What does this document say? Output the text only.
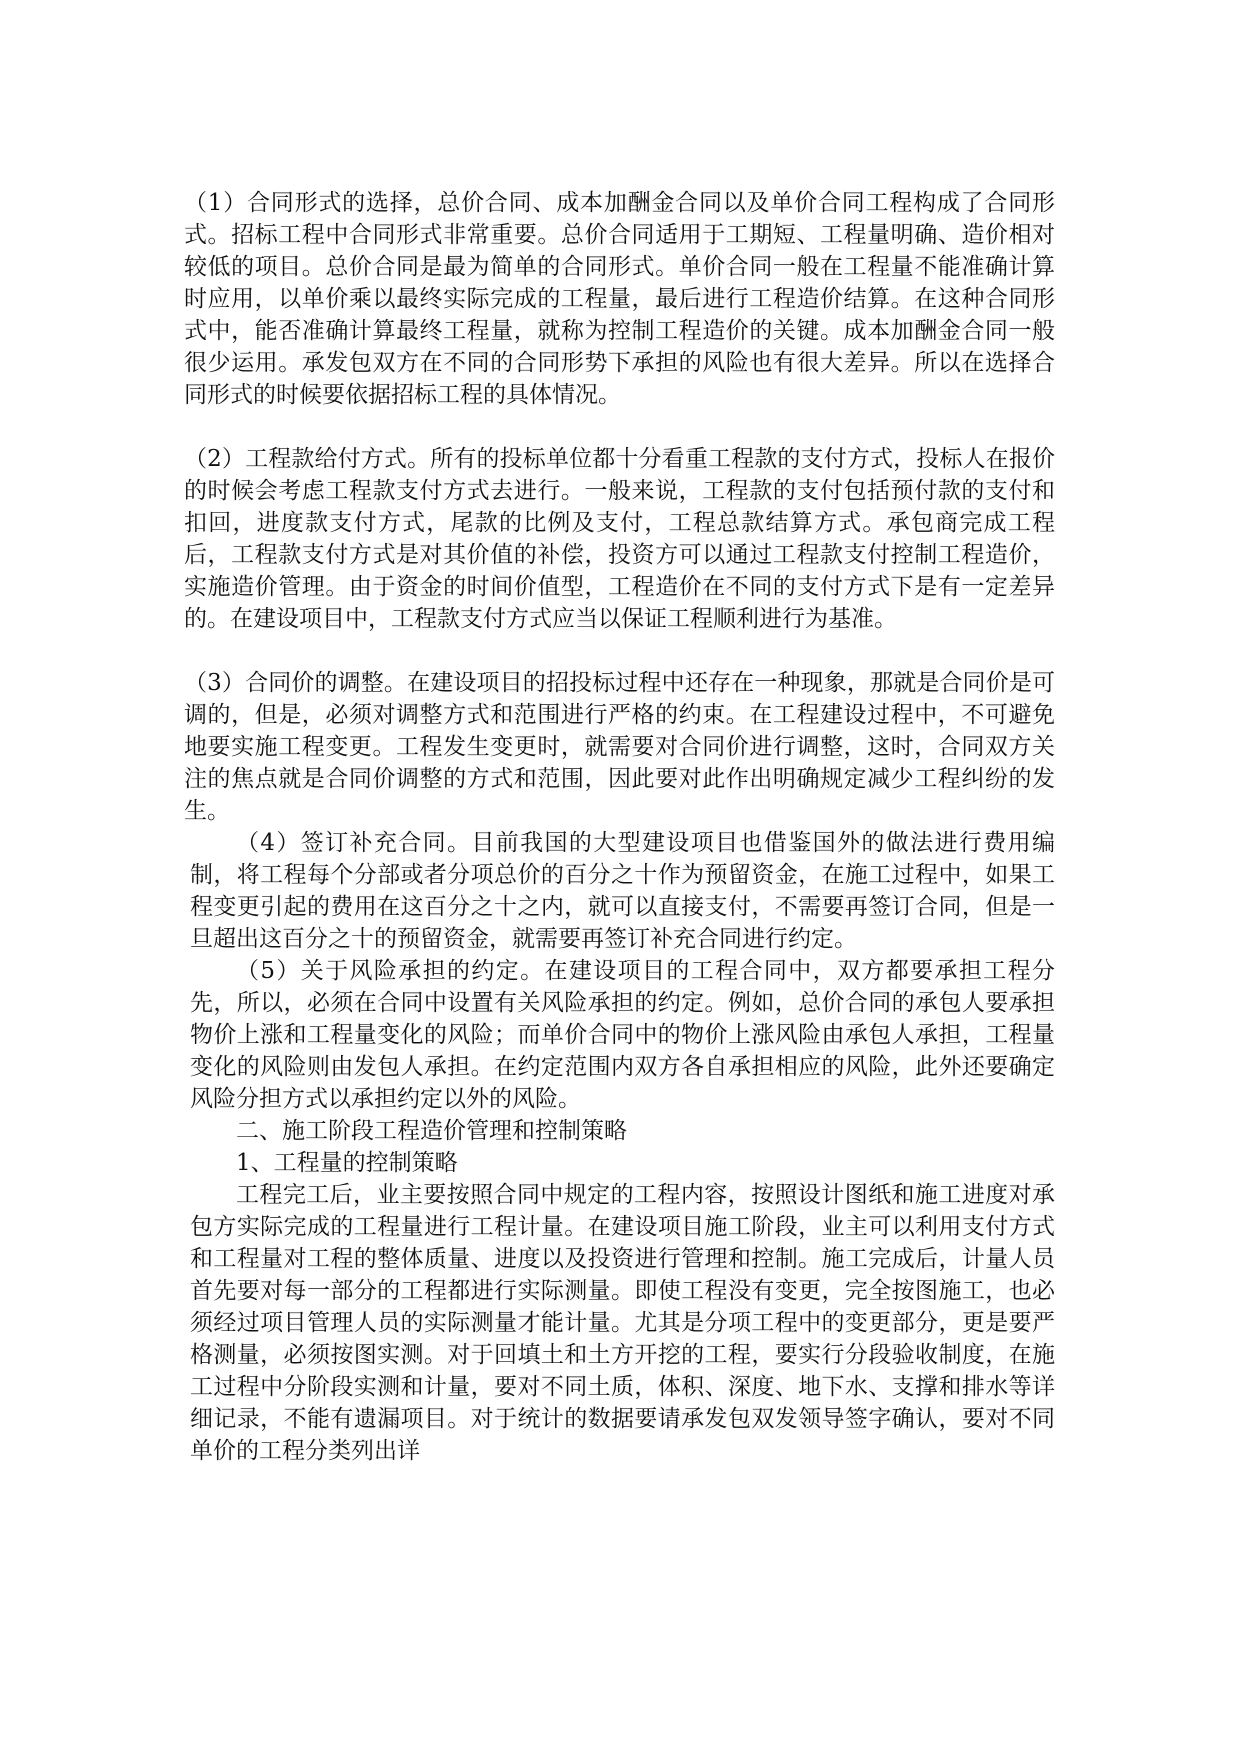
（1）合同形式的选择，总价合同、成本加酬金合同以及单价合同工程构成了合同形式。招标工程中合同形式非常重要。总价合同适用于工期短、工程量明确、造价相对较低的项目。总价合同是最为简单的合同形式。单价合同一般在工程量不能准确计算时应用，以单价乘以最终实际完成的工程量，最后进行工程造价结算。在这种合同形式中，能否准确计算最终工程量，就称为控制工程造价的关键。成本加酬金合同一般很少运用。承发包双方在不同的合同形势下承担的风险也有很大差异。所以在选择合同形式的时候要依据招标工程的具体情况。

（2）工程款给付方式。所有的投标单位都十分看重工程款的支付方式，投标人在报价的时候会考虑工程款支付方式去进行。一般来说，工程款的支付包括预付款的支付和扣回，进度款支付方式，尾款的比例及支付，工程总款结算方式。承包商完成工程后，工程款支付方式是对其价值的补偿，投资方可以通过工程款支付控制工程造价，实施造价管理。由于资金的时间价值型，工程造价在不同的支付方式下是有一定差异的。在建设项目中，工程款支付方式应当以保证工程顺利进行为基准。

（3）合同价的调整。在建设项目的招投标过程中还存在一种现象，那就是合同价是可调的，但是，必须对调整方式和范围进行严格的约束。在工程建设过程中，不可避免地要实施工程变更。工程发生变更时，就需要对合同价进行调整，这时，合同双方关注的焦点就是合同价调整的方式和范围，因此要对此作出明确规定减少工程纠纷的发生。

（4）签订补充合同。目前我国的大型建设项目也借鉴国外的做法进行费用编制，将工程每个分部或者分项总价的百分之十作为预留资金，在施工过程中，如果工程变更引起的费用在这百分之十之内，就可以直接支付，不需要再签订合同，但是一旦超出这百分之十的预留资金，就需要再签订补充合同进行约定。

（5）关于风险承担的约定。在建设项目的工程合同中，双方都要承担工程分先，所以，必须在合同中设置有关风险承担的约定。例如，总价合同的承包人要承担物价上涨和工程量变化的风险；而单价合同中的物价上涨风险由承包人承担，工程量变化的风险则由发包人承担。在约定范围内双方各自承担相应的风险，此外还要确定风险分担方式以承担约定以外的风险。

二、施工阶段工程造价管理和控制策略

1、工程量的控制策略

工程完工后，业主要按照合同中规定的工程内容，按照设计图纸和施工进度对承包方实际完成的工程量进行工程计量。在建设项目施工阶段，业主可以利用支付方式和工程量对工程的整体质量、进度以及投资进行管理和控制。施工完成后，计量人员首先要对每一部分的工程都进行实际测量。即使工程没有变更，完全按图施工，也必须经过项目管理人员的实际测量才能计量。尤其是分项工程中的变更部分，更是要严格测量，必须按图实测。对于回填土和土方开挖的工程，要实行分段验收制度，在施工过程中分阶段实测和计量，要对不同土质，体积、深度、地下水、支撑和排水等详细记录，不能有遗漏项目。对于统计的数据要请承发包双发领导签字确认，要对不同单价的工程分类列出详
